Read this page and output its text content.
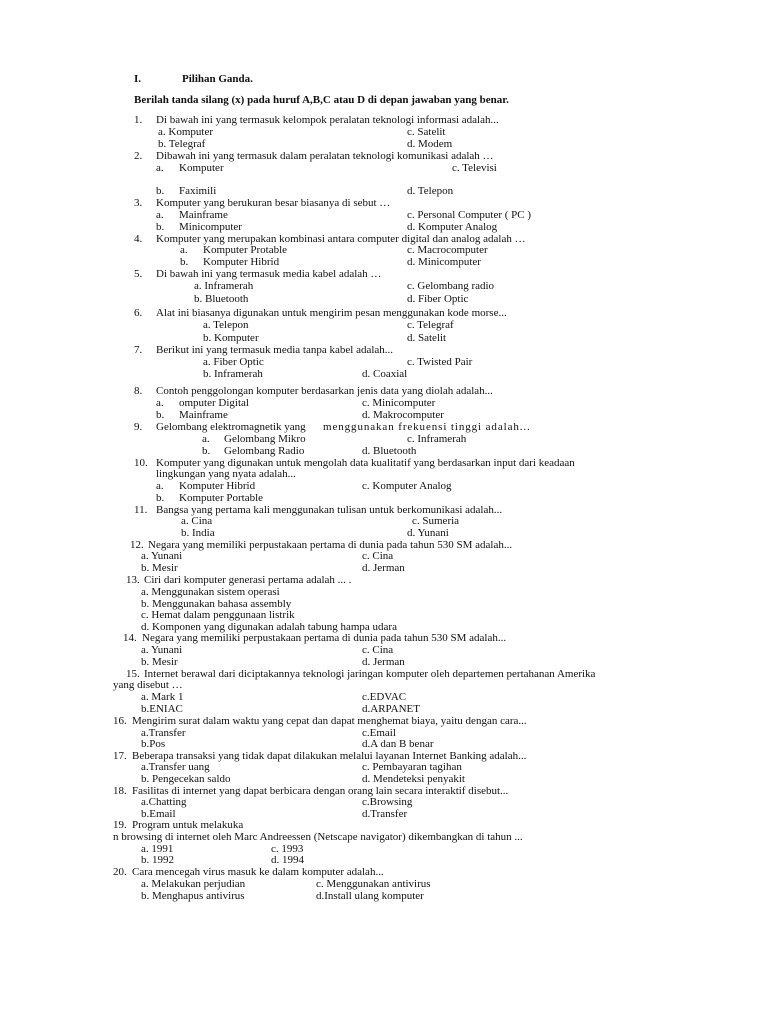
I.	Pilihan Ganda.
Berilah tanda silang (x) pada huruf A,B,C atau D di depan jawaban yang benar.
1. Di bawah ini yang termasuk kelompok peralatan teknologi informasi adalah...
a. Komputer	c. Satelit
b. Telegraf	d. Modem
2. Dibawah ini yang termasuk dalam peralatan teknologi komunikasi adalah …
a. Komputer	c. Televisi
b. Faximili	d. Telepon
3. Komputer yang berukuran besar biasanya di sebut …
a. Mainframe	c. Personal Computer ( PC )
b. Minicomputer	d. Komputer Analog
4. Komputer yang merupakan kombinasi antara computer digital dan analog adalah …
a. Komputer Protable	c. Macrocomputer
b. Komputer Hibrid	d. Minicomputer
5. Di bawah ini yang termasuk media kabel adalah …
a. Inframerah	c. Gelombang radio
b. Bluetooth	d. Fiber Optic
6. Alat ini biasanya digunakan untuk mengirim pesan menggunakan kode morse...
a. Telepon	c. Telegraf
b. Komputer	d. Satelit
7. Berikut ini yang termasuk media tanpa kabel adalah...
a. Fiber Optic	c. Twisted Pair
b. Inframerah	d. Coaxial
8. Contoh penggolongan komputer berdasarkan jenis data yang diolah adalah...
a. omputer Digital	c. Minicomputer
b. Mainframe	d. Makrocomputer
9. Gelombang elektromagnetik yang menggunakan frekuensi tinggi adalah...
a. Gelombang Mikro	c. Inframerah
b. Gelombang Radio	d. Bluetooth
10. Komputer yang digunakan untuk mengolah data kualitatif yang berdasarkan input dari keadaan
lingkungan yang nyata adalah...
a. Komputer Hibrid	c. Komputer Analog
b. Komputer Portable
11. Bangsa yang pertama kali menggunakan tulisan untuk berkomunikasi adalah...
a. Cina	c. Sumeria
b. India	d. Yunani
12. Negara yang memiliki perpustakaan pertama di dunia pada tahun 530 SM adalah...
a. Yunani	c. Cina
b. Mesir	d. Jerman
13. Ciri dari komputer generasi pertama adalah ... .
a. Menggunakan sistem operasi
b. Menggunakan bahasa assembly
c. Hemat dalam penggunaan listrik
d. Komponen yang digunakan adalah tabung hampa udara
14. Negara yang memiliki perpustakaan pertama di dunia pada tahun 530 SM adalah...
a. Yunani	c. Cina
b. Mesir	d. Jerman
15. Internet berawal dari diciptakannya teknologi jaringan komputer oleh departemen pertahanan Amerika
yang disebut …
a. Mark 1	c.EDVAC
b.ENIAC	d.ARPANET
16. Mengirim surat dalam waktu yang cepat dan dapat menghemat biaya, yaitu dengan cara...
a.Transfer	c.Email
b.Pos	d.A dan B benar
17. Beberapa transaksi yang tidak dapat dilakukan melalui layanan Internet Banking adalah...
a.Transfer uang	c. Pembayaran tagihan
b. Pengecekan saldo	d. Mendeteksi penyakit
18. Fasilitas di internet yang dapat berbicara dengan orang lain secara interaktif disebut...
a.Chatting	c.Browsing
b.Email	d.Transfer
19. Program untuk melakuka
n browsing di internet oleh Marc Andreessen (Netscape navigator) dikembangkan di tahun ...
a. 1991	c. 1993
b. 1992	d. 1994
20. Cara mencegah virus masuk ke dalam komputer adalah...
a. Melakukan perjudian	c. Menggunakan antivirus
b. Menghapus antivirus	d.Install ulang komputer
